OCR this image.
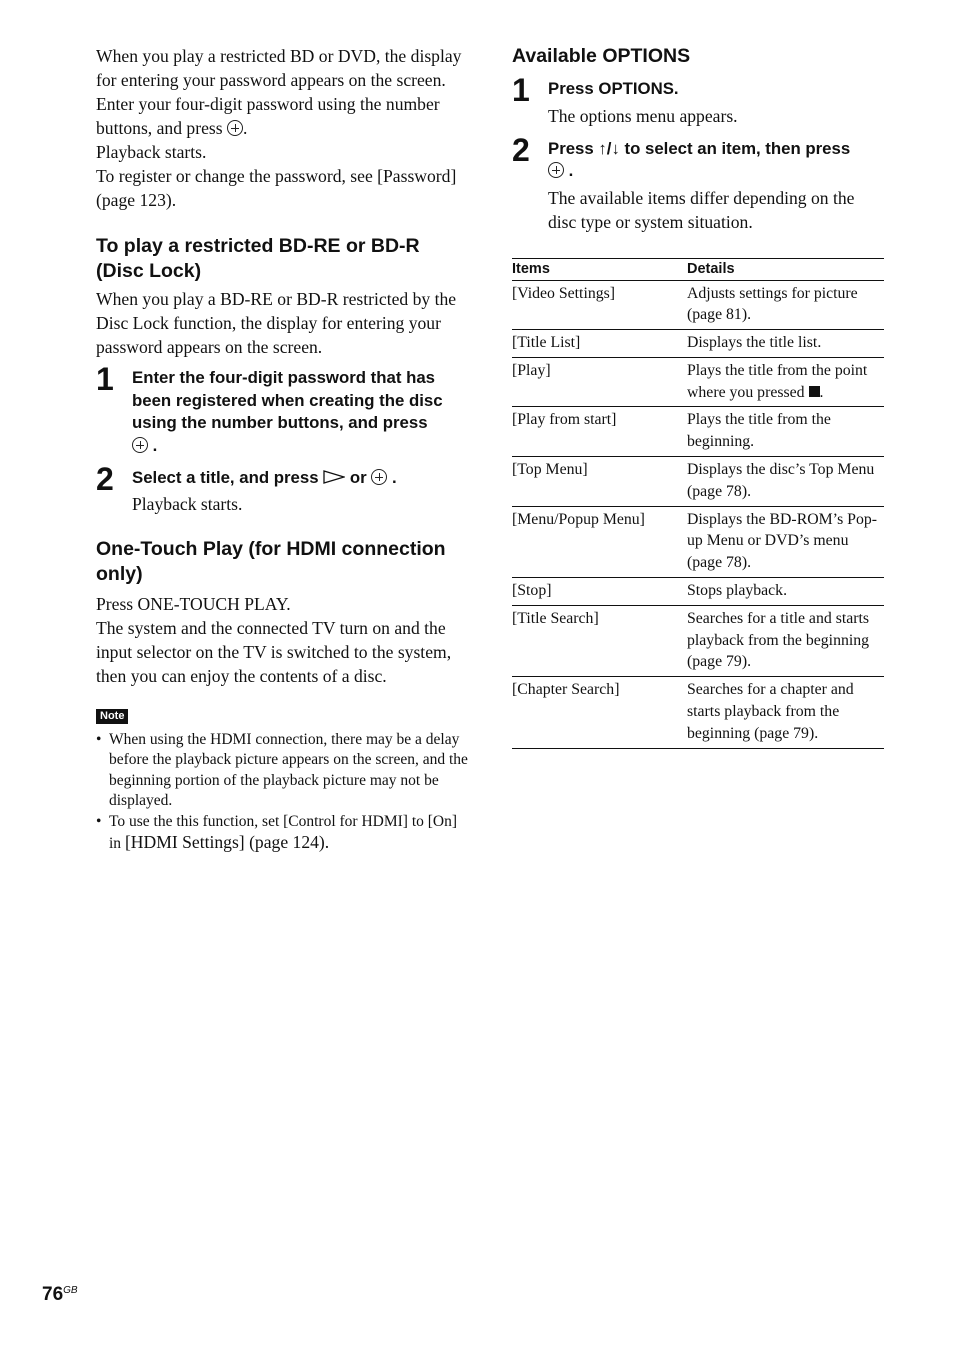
When you play a restricted BD or DVD, the display for entering your password appears on the screen.

Enter your four-digit password using the number buttons, and press .

Playback starts.

To register or change the password, see [Password] (page 123).

To play a restricted BD-RE or BD-R (Disc Lock)

When you play a BD-RE or BD-R restricted by the Disc Lock function, the display for entering your password appears on the screen.

1 Enter the four-digit password that has been registered when creating the disc using the number buttons, and press
.

2 Select a title, and press or .

Playback starts.

One-Touch Play (for HDMI connection only)

Press ONE-TOUCH PLAY.

The system and the connected TV turn on and the input selector on the TV is switched to the system, then you can enjoy the contents of a disc.

Note
• When using the HDMI connection, there may be a delay before the playback picture appears on the screen, and the beginning portion of the playback picture may not be displayed.
• To use the this function, set [Control for HDMI] to [On] in [HDMI Settings] (page 124).
Available OPTIONS
1 Press OPTIONS.

The options menu appears.

2 Press ↑/↓ to select an item, then press
.

The available items differ depending on the disc type or system situation.

Items	Details
[Video Settings]	Adjusts settings for picture (page 81).
[Title List]	Displays the title list.
[Play]	Plays the title from the point where you pressed .
[Play from start]	Plays the title from the beginning.
[Top Menu]	Displays the disc’s Top Menu (page 78).
[Menu/Popup Menu]	Displays the BD-ROM’s Pop-up Menu or DVD’s menu (page 78).
[Stop]	Stops playback.
[Title Search]	Searches for a title and starts playback from the beginning (page 79).
[Chapter Search]	Searches for a chapter and starts playback from the beginning (page 79).
$76^{GB}$
